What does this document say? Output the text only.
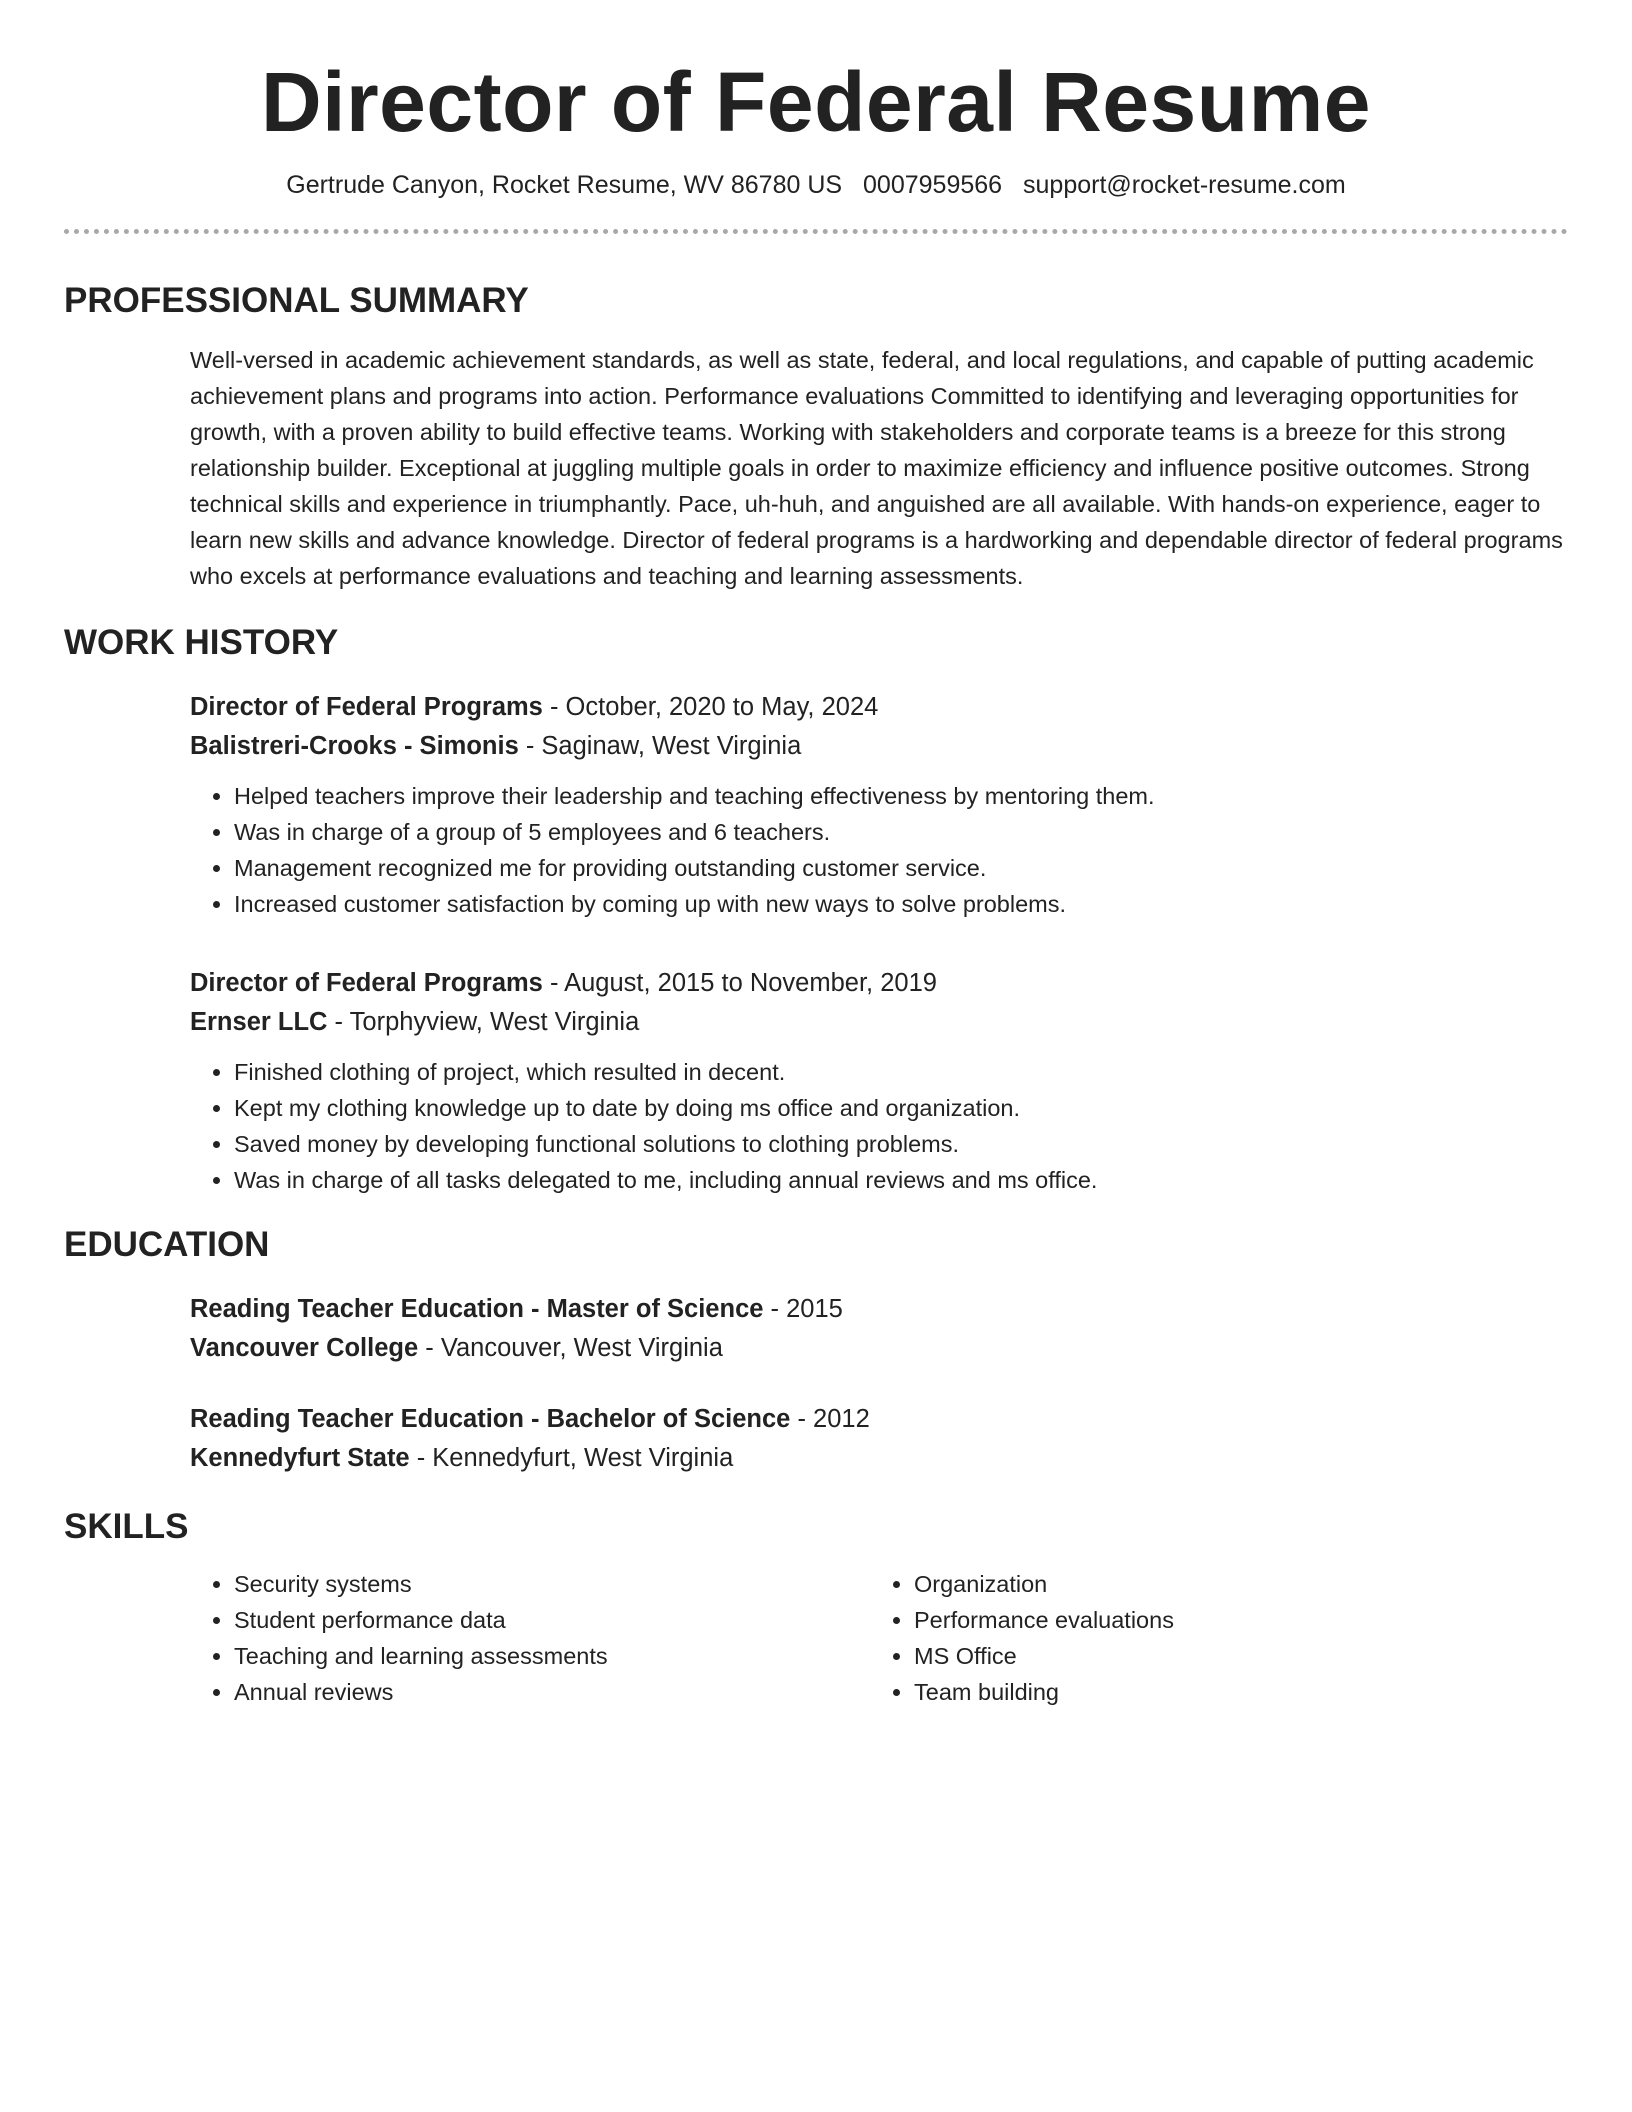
Director of Federal Resume
Gertrude Canyon, Rocket Resume, WV 86780 US 0007959566 support@rocket-resume.com
PROFESSIONAL SUMMARY
Well-versed in academic achievement standards, as well as state, federal, and local regulations, and capable of putting academic achievement plans and programs into action. Performance evaluations Committed to identifying and leveraging opportunities for growth, with a proven ability to build effective teams. Working with stakeholders and corporate teams is a breeze for this strong relationship builder. Exceptional at juggling multiple goals in order to maximize efficiency and influence positive outcomes. Strong technical skills and experience in triumphantly. Pace, uh-huh, and anguished are all available. With hands-on experience, eager to learn new skills and advance knowledge. Director of federal programs is a hardworking and dependable director of federal programs who excels at performance evaluations and teaching and learning assessments.
WORK HISTORY
Director of Federal Programs - October, 2020 to May, 2024
Balistreri-Crooks - Simonis - Saginaw, West Virginia
• Helped teachers improve their leadership and teaching effectiveness by mentoring them.
• Was in charge of a group of 5 employees and 6 teachers.
• Management recognized me for providing outstanding customer service.
• Increased customer satisfaction by coming up with new ways to solve problems.
Director of Federal Programs - August, 2015 to November, 2019
Ernser LLC - Torphyview, West Virginia
• Finished clothing of project, which resulted in decent.
• Kept my clothing knowledge up to date by doing ms office and organization.
• Saved money by developing functional solutions to clothing problems.
• Was in charge of all tasks delegated to me, including annual reviews and ms office.
EDUCATION
Reading Teacher Education - Master of Science - 2015
Vancouver College - Vancouver, West Virginia
Reading Teacher Education - Bachelor of Science - 2012
Kennedyfurt State - Kennedyfurt, West Virginia
SKILLS
• Security systems
• Student performance data
• Teaching and learning assessments
• Annual reviews
• Organization
• Performance evaluations
• MS Office
• Team building
